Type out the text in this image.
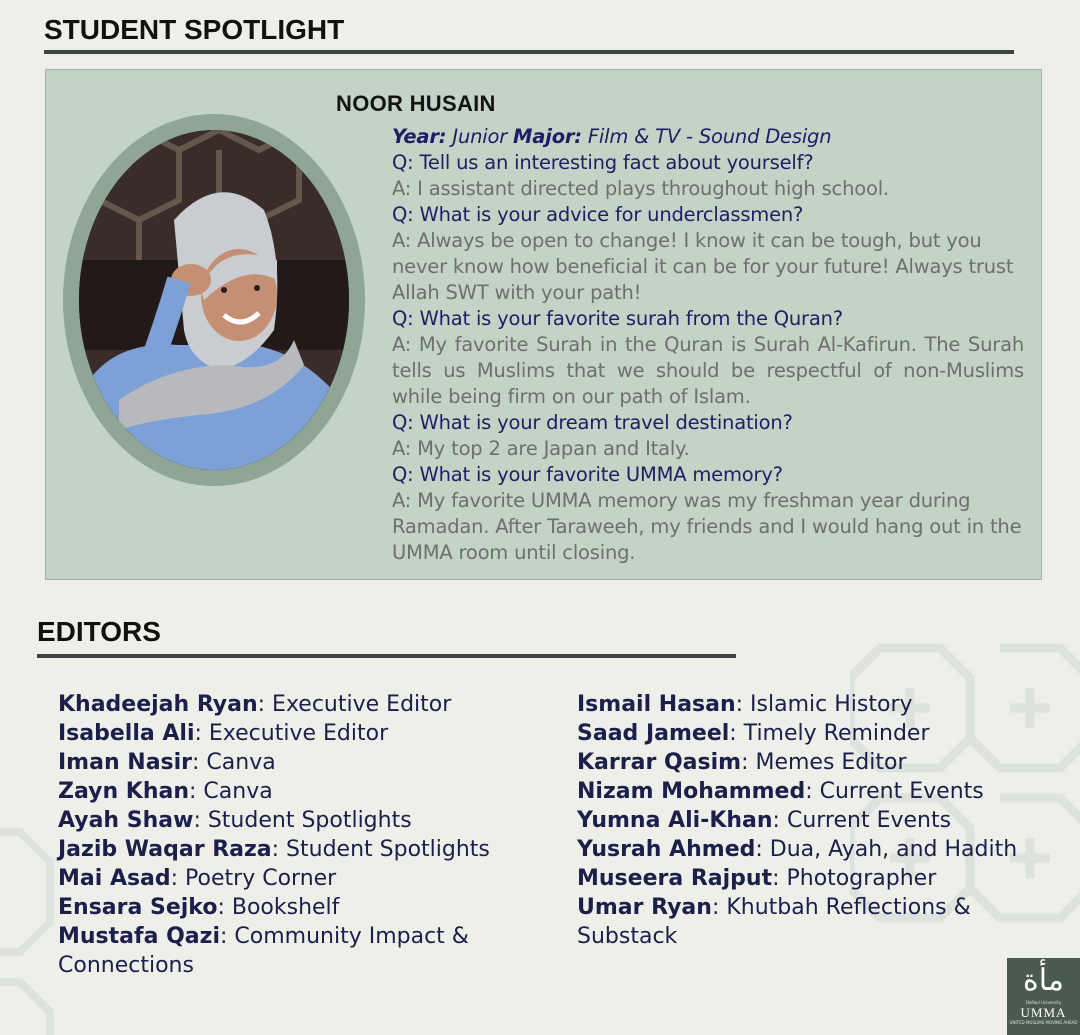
STUDENT SPOTLIGHT
NOOR HUSAIN

Year: Junior Major: Film & TV - Sound Design

Q: Tell us an interesting fact about yourself?

A: I assistant directed plays throughout high school.

Q: What is your advice for underclassmen?

A: Always be open to change! I know it can be tough, but you never know how beneficial it can be for your future! Always trust Allah SWT with your path!

Q: What is your favorite surah from the Quran?

A: My favorite Surah in the Quran is Surah Al-Kafirun. The Surah tells us Muslims that we should be respectful of non-Muslims while being firm on our path of Islam.

Q: What is your dream travel destination?

A: My top 2 are Japan and Italy.

Q: What is your favorite UMMA memory?

A: My favorite UMMA memory was my freshman year during Ramadan. After Taraweeh, my friends and I would hang out in the UMMA room until closing.

EDITORS

Khadeejah Ryan: Executive Editor

Isabella Ali: Executive Editor

Iman Nasir: Canva

Zayn Khan: Canva

Ayah Shaw: Student Spotlights

Jazib Waqar Raza: Student Spotlights

Mai Asad: Poetry Corner

Ensara Sejko: Bookshelf

Mustafa Qazi: Community Impact & Connections

Ismail Hasan: Islamic History

Saad Jameel: Timely Reminder

Karrar Qasim: Memes Editor

Nizam Mohammed: Current Events

Yumna Ali-Khan: Current Events

Yusrah Ahmed: Dua, Ayah, and Hadith

Museera Rajput: Photographer

Umar Ryan: Khutbah Reflections & Substack

مأة
DePaul University
UMMA
UNITED MUSLIMS MOVING AHEAD
